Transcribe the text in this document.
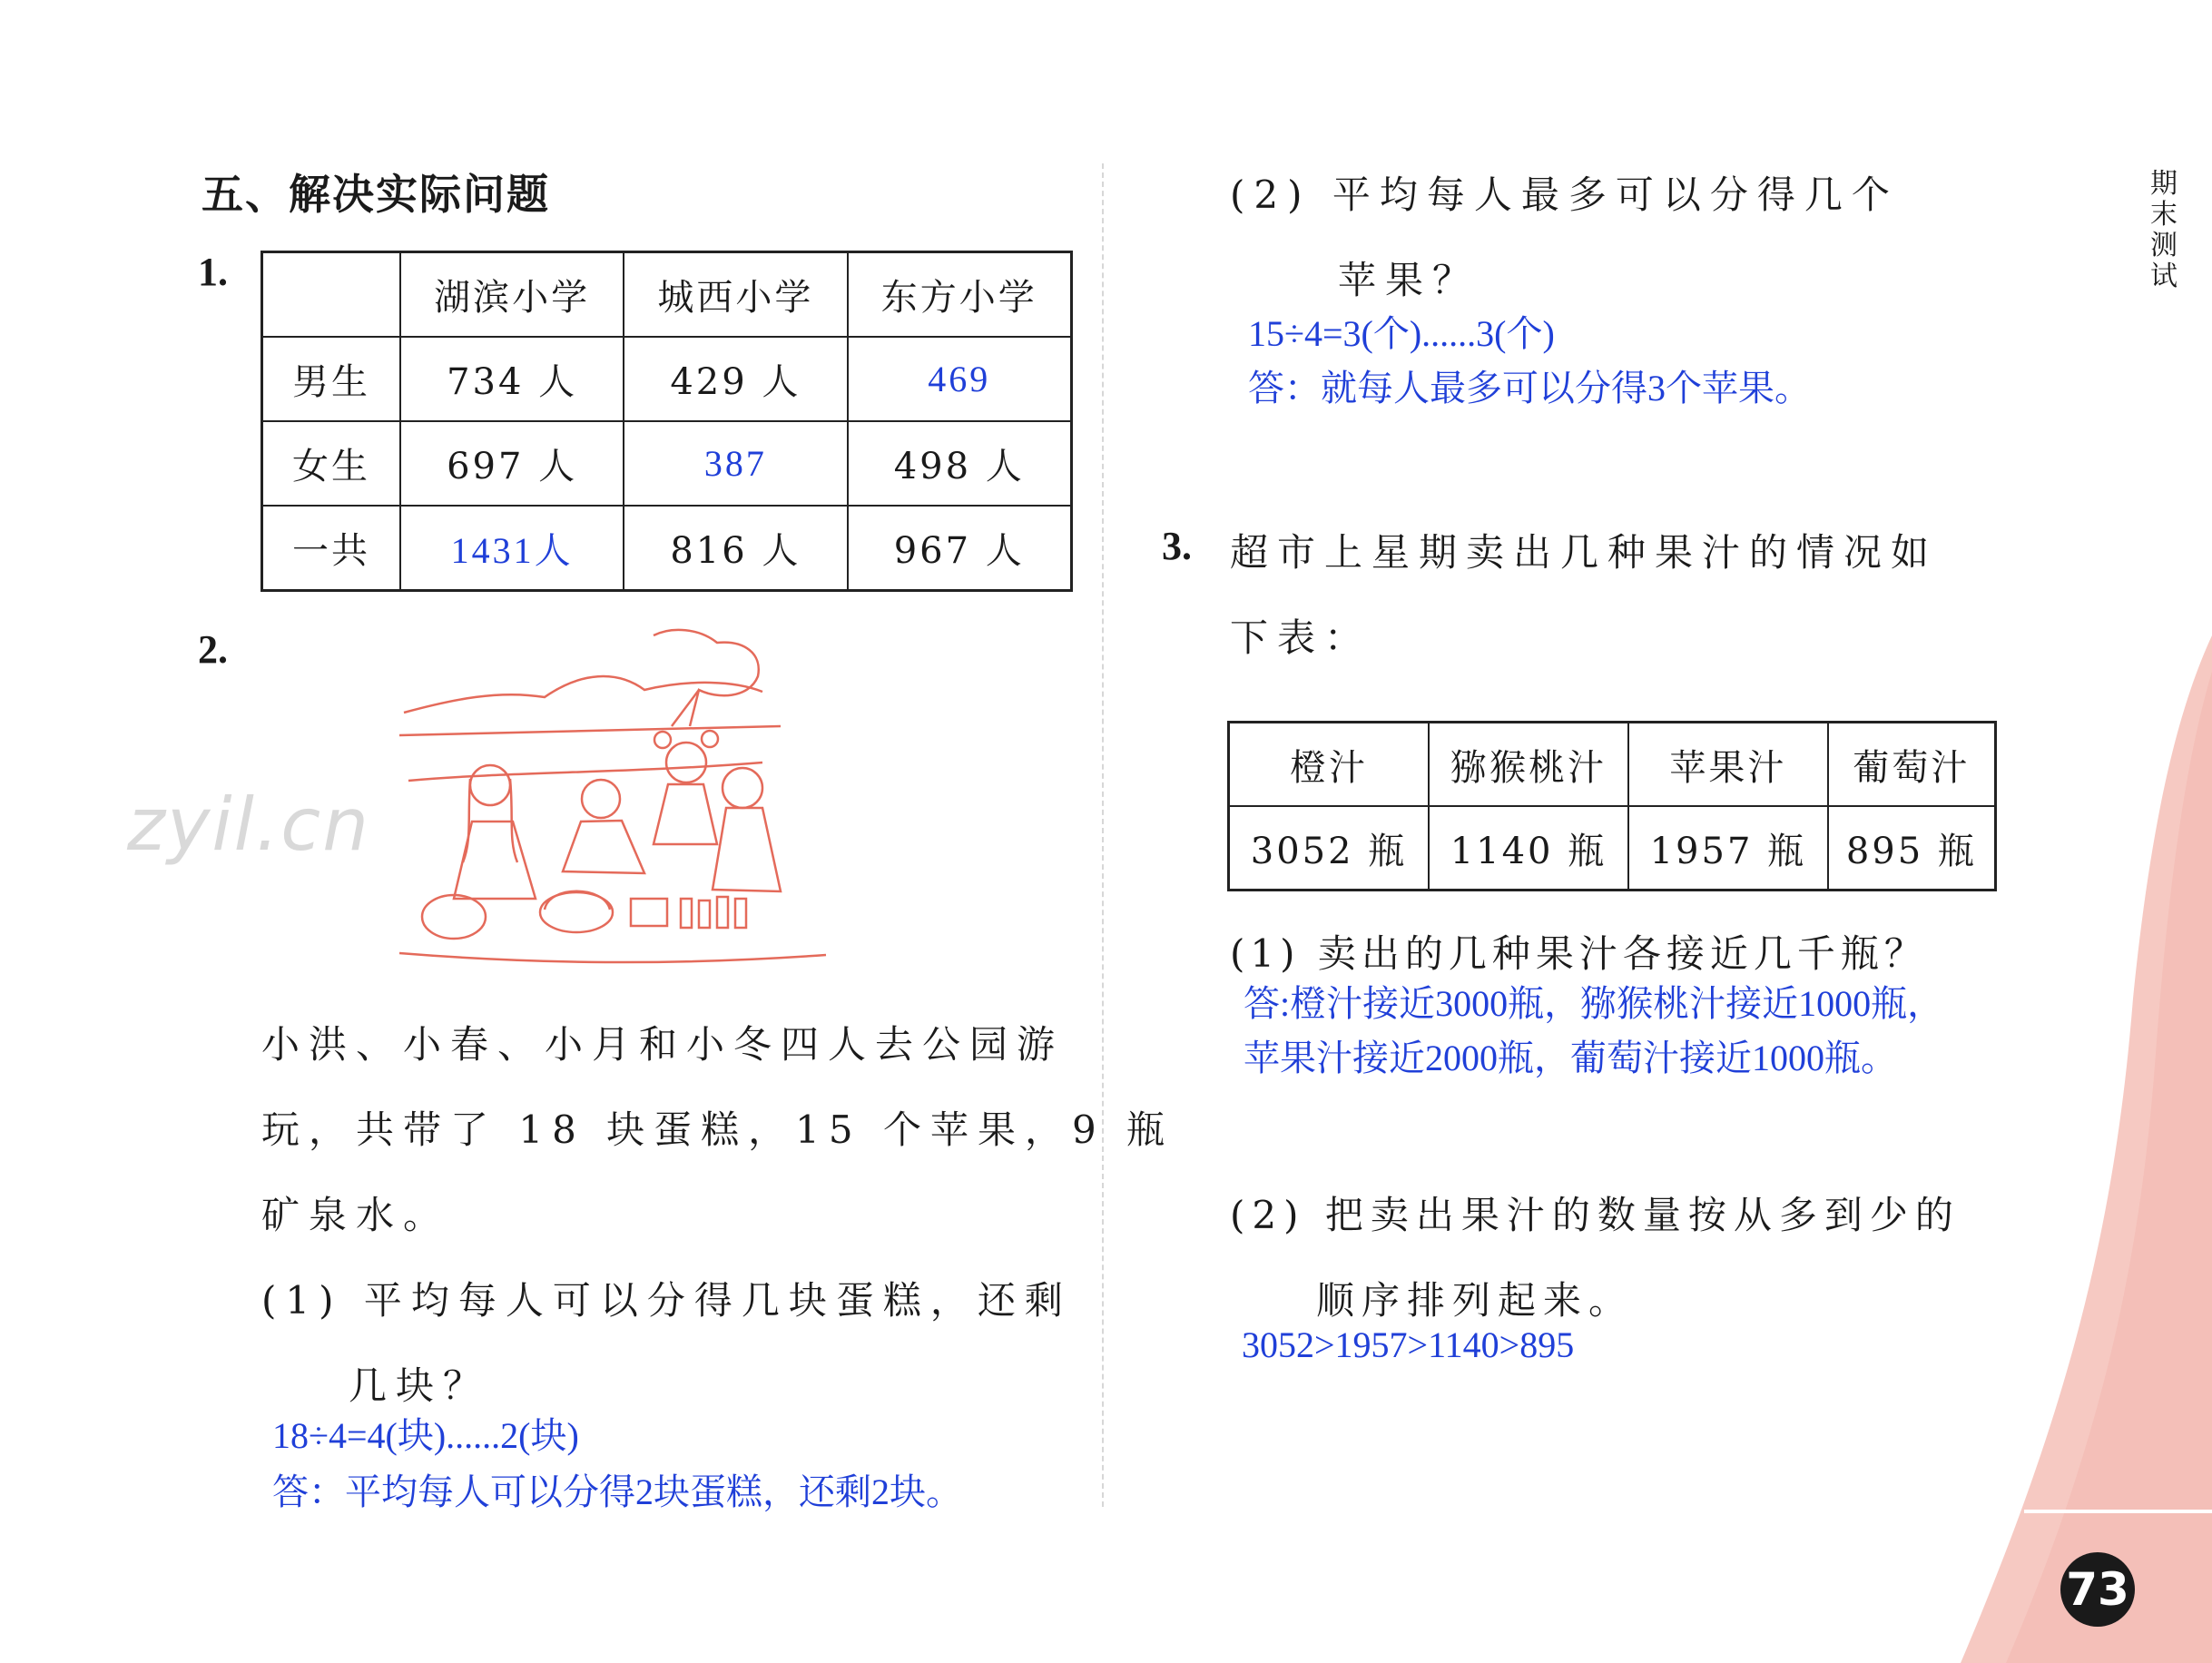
五、解决实际问题
1.
	湖滨小学	城西小学	东方小学
男生	734 人	429 人	469
女生	697 人	387	498 人
一共	1431人	816 人	967 人
2.
zyil.cn
小洪、小春、小月和小冬四人去公园游
玩，共带了 18 块蛋糕，15 个苹果，9 瓶
矿泉水。
(1) 平均每人可以分得几块蛋糕，还剩
几块？
18÷4=4(块)......2(块)
答：平均每人可以分得2块蛋糕，还剩2块。
(2) 平均每人最多可以分得几个
苹果？
15÷4=3(个)......3(个)
答：就每人最多可以分得3个苹果。
3. 超市上星期卖出几种果汁的情况如
下表：
橙汁	猕猴桃汁	苹果汁	葡萄汁
3052 瓶	1140 瓶	1957 瓶	895 瓶
(1) 卖出的几种果汁各接近几千瓶？
答:橙汁接近3000瓶，猕猴桃汁接近1000瓶，
苹果汁接近2000瓶，葡萄汁接近1000瓶。
(2) 把卖出果汁的数量按从多到少的
顺序排列起来。
3052>1957>1140>895
期
末
测
试
73
